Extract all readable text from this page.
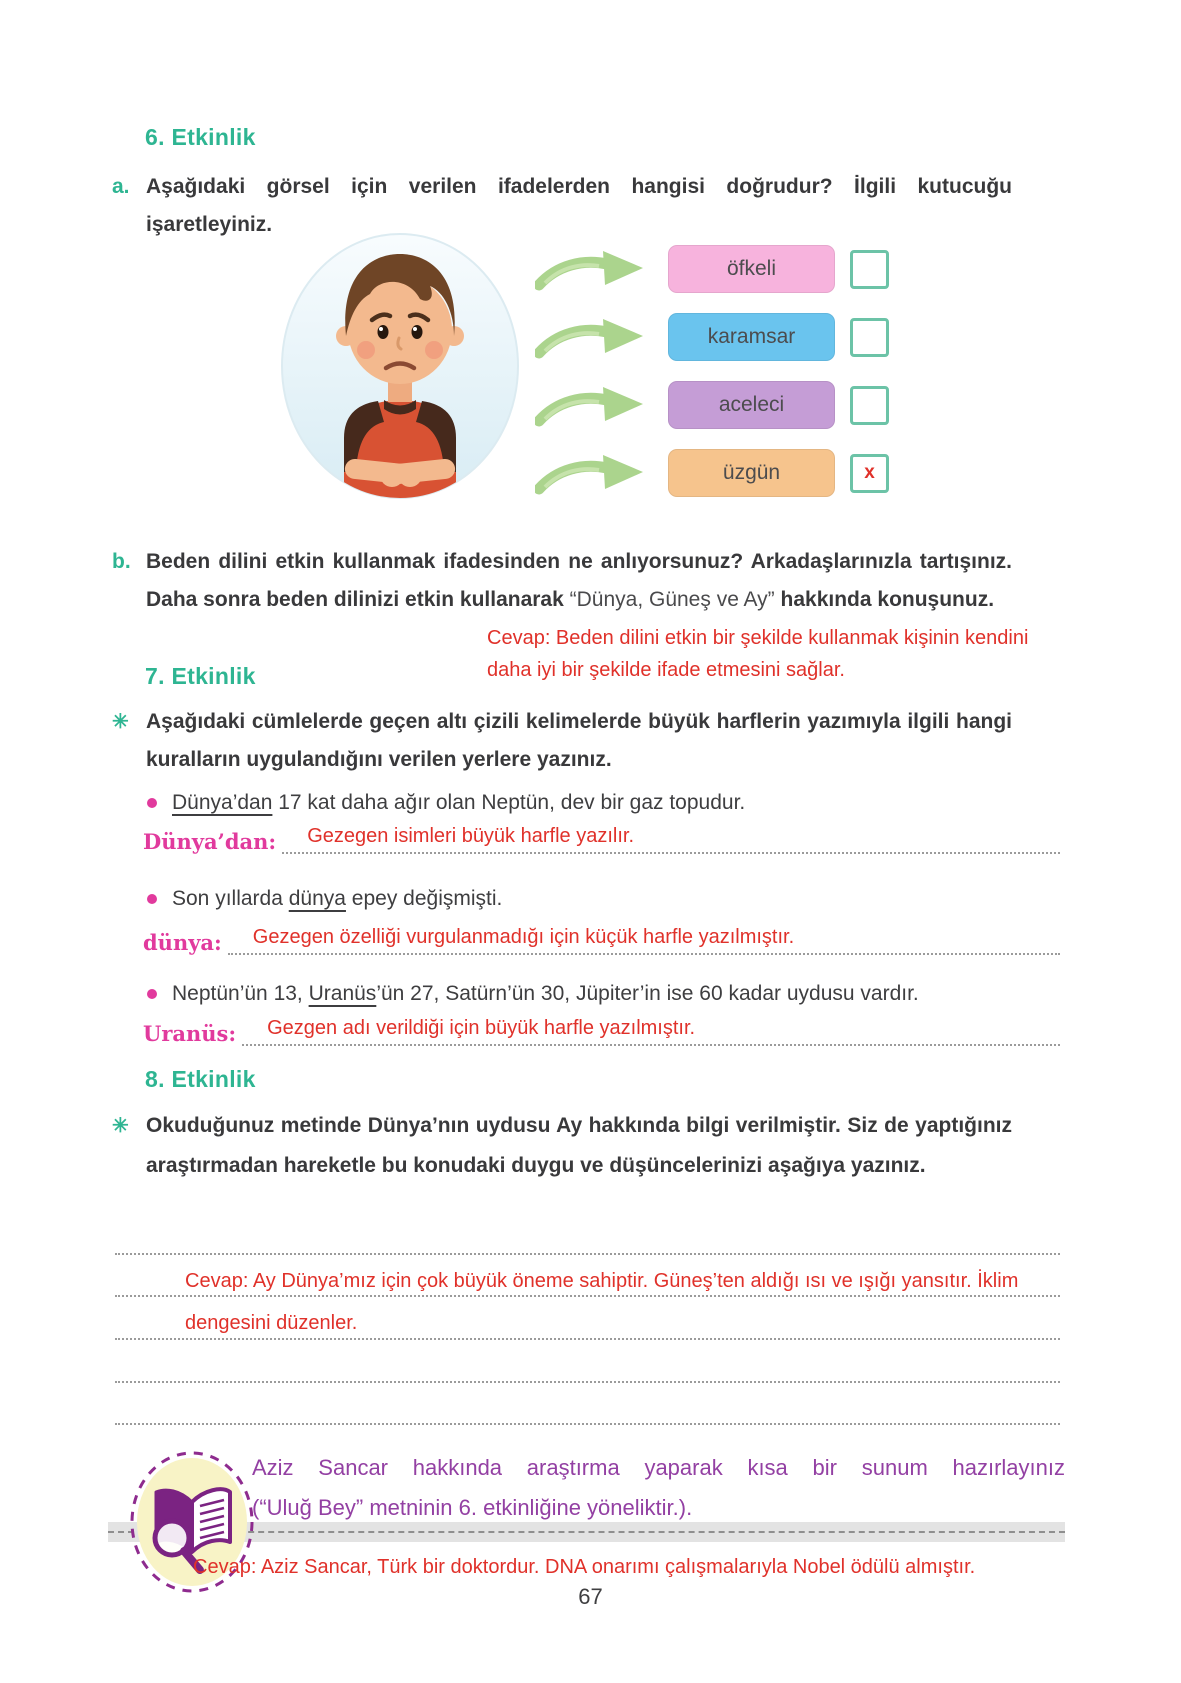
6. Etkinlik
a. Aşağıdaki görsel için verilen ifadelerden hangisi doğrudur? İlgili kutucuğu işaretleyiniz.
öfkeli
karamsar
aceleci
üzgün	x
b. Beden dilini etkin kullanmak ifadesinden ne anlıyorsunuz? Arkadaşlarınızla tartışınız. Daha sonra beden dilinizi etkin kullanarak “Dünya, Güneş ve Ay” hakkında konuşunuz.
Cevap: Beden dilini etkin bir şekilde kullanmak kişinin kendini daha iyi bir şekilde ifade etmesini sağlar.
7. Etkinlik
✳
Aşağıdaki cümlelerde geçen altı çizili kelimelerde büyük harflerin yazımıyla ilgili hangi kuralların uygulandığını verilen yerlere yazınız.
Dünya’dan 17 kat daha ağır olan Neptün, dev bir gaz topudur.
Dünya’dan:	Gezegen isimleri büyük harfle yazılır.
Son yıllarda dünya epey değişmişti.
dünya:	Gezegen özelliği vurgulanmadığı için küçük harfle yazılmıştır.
Neptün’ün 13, Uranüs’ün 27, Satürn’ün 30, Jüpiter’in ise 60 kadar uydusu vardır.
Uranüs:	Gezgen adı verildiği için büyük harfle yazılmıştır.
8. Etkinlik
✳
Okuduğunuz metinde Dünya’nın uydusu Ay hakkında bilgi verilmiştir. Siz de yaptığınız araştırmadan hareketle bu konudaki duygu ve düşüncelerinizi aşağıya yazınız.
Cevap: Ay Dünya’mız için çok büyük öneme sahiptir. Güneş’ten aldığı ısı ve ışığı yansıtır. İklim dengesini düzenler.
Aziz Sancar hakkında araştırma yaparak kısa bir sunum hazırlayınız
(“Uluğ Bey” metninin 6. etkinliğine yöneliktir.).
Cevap: Aziz Sancar, Türk bir doktordur. DNA onarımı çalışmalarıyla Nobel ödülü almıştır.
67
